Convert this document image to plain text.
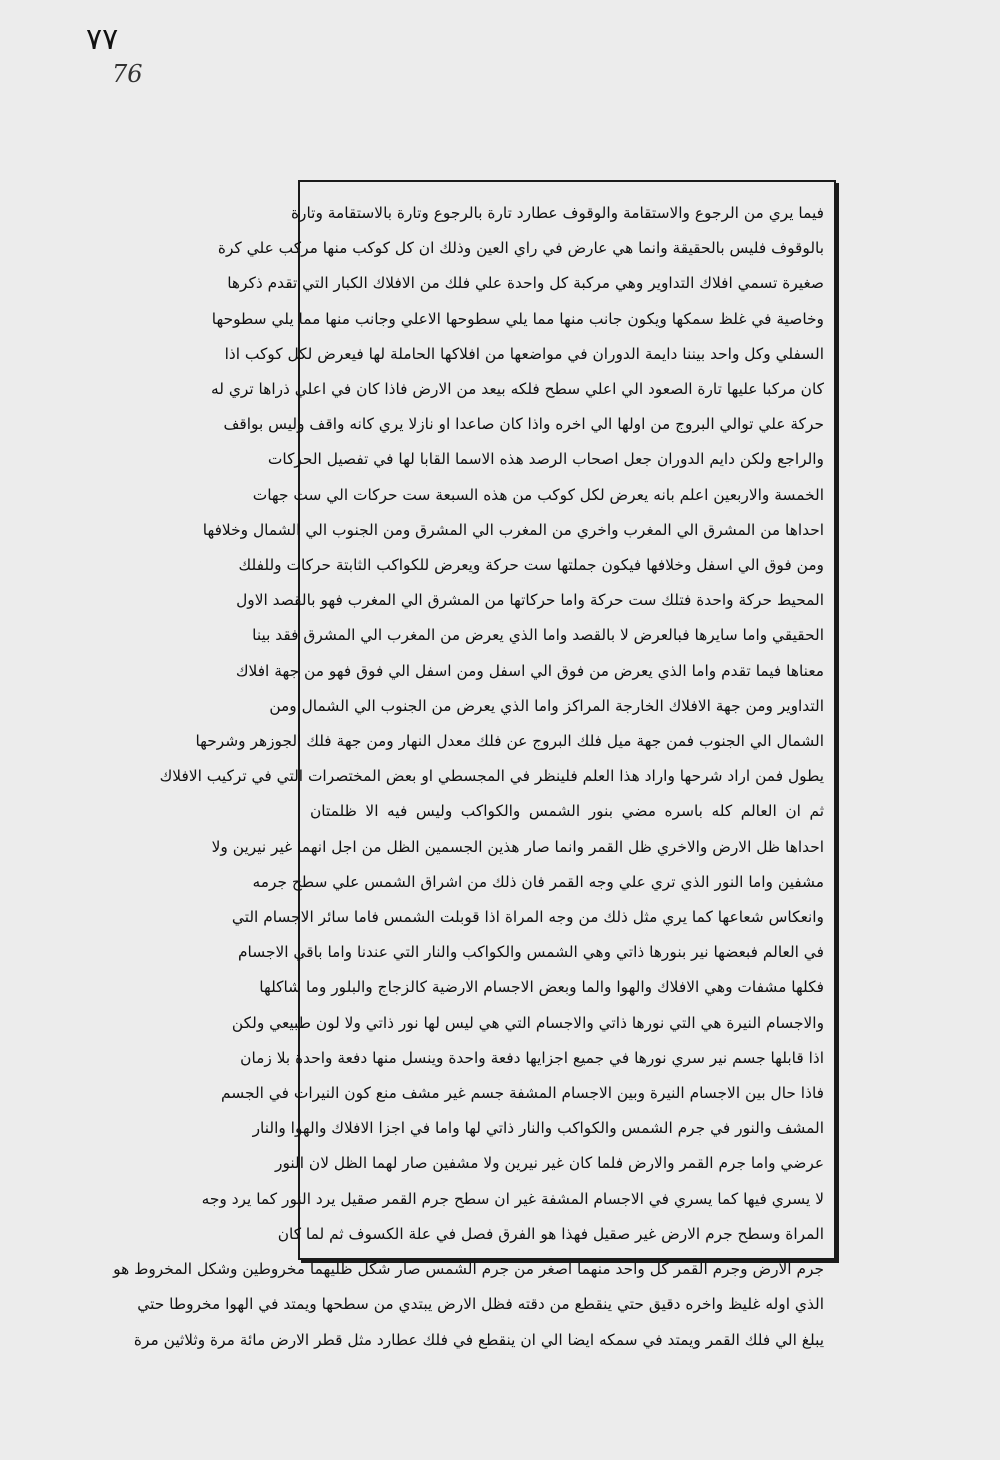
٧٧
76
فيما يري من الرجوع والاستقامة والوقوف عطارد تارة بالرجوع وتارة بالاستقامة وتارة
بالوقوف فليس بالحقيقة وانما هي عارض في راي العين وذلك ان كل كوكب منها مركب علي كرة
صغيرة تسمي افلاك التداوير وهي مركبة كل واحدة علي فلك من الافلاك الكبار التي تقدم ذكرها
وخاصية في غلظ سمكها ويكون جانب منها مما يلي سطوحها الاعلي وجانب منها مما يلي سطوحها
السفلي وكل واحد بيننا دايمة الدوران في مواضعها من افلاكها الحاملة لها فيعرض لكل كوكب اذا
كان مركبا عليها تارة الصعود الي اعلي سطح فلكه بيعد من الارض فاذا كان في اعلي ذراها تري له
حركة علي توالي البروج من اولها الي اخره واذا كان صاعدا او نازلا يري كانه واقف وليس بواقف
والراجع ولكن دايم الدوران جعل اصحاب الرصد هذه الاسما القابا لها في تفصيل الحركات
الخمسة والاربعين اعلم بانه يعرض لكل كوكب من هذه السبعة ست حركات الي ست جهات
احداها من المشرق الي المغرب واخري من المغرب الي المشرق ومن الجنوب الي الشمال وخلافها
ومن فوق الي اسفل وخلافها فيكون جملتها ست حركة ويعرض للكواكب الثابتة حركات وللفلك
المحيط حركة واحدة فتلك ست حركة واما حركاتها من المشرق الي المغرب فهو بالقصد الاول
الحقيقي واما سايرها فبالعرض لا بالقصد واما الذي يعرض من المغرب الي المشرق فقد بينا
معناها فيما تقدم واما الذي يعرض من فوق الي اسفل ومن اسفل الي فوق فهو من جهة افلاك
التداوير ومن جهة الافلاك الخارجة المراكز واما الذي يعرض من الجنوب الي الشمال ومن
الشمال الي الجنوب فمن جهة ميل فلك البروج عن فلك معدل النهار ومن جهة فلك الجوزهر وشرحها
يطول فمن اراد شرحها واراد هذا العلم فلينظر في المجسطي او بعض المختصرات التي في تركيب الافلاك
ثم ان العالم كله باسره مضي بنور الشمس والكواكب وليس فيه الا ظلمتان
احداها ظل الارض والاخري ظل القمر وانما صار هذين الجسمين الظل من اجل انهما غير نيرين ولا
مشفين واما النور الذي تري علي وجه القمر فان ذلك من اشراق الشمس علي سطح جرمه
وانعكاس شعاعها كما يري مثل ذلك من وجه المراة اذا قوبلت الشمس فاما سائر الاجسام التي
في العالم فبعضها نير بنورها ذاتي وهي الشمس والكواكب والنار التي عندنا واما باقي الاجسام
فكلها مشفات وهي الافلاك والهوا والما وبعض الاجسام الارضية كالزجاج والبلور وما شاكلها
والاجسام النيرة هي التي نورها ذاتي والاجسام التي هي ليس لها نور ذاتي ولا لون طبيعي ولكن
اذا قابلها جسم نير سري نورها في جميع اجزايها دفعة واحدة وينسل منها دفعة واحدة بلا زمان
فاذا حال بين الاجسام النيرة وبين الاجسام المشفة جسم غير مشف منع كون النيرات في الجسم
المشف والنور في جرم الشمس والكواكب والنار ذاتي لها واما في اجزا الافلاك والهوا والنار
عرضي واما جرم القمر والارض فلما كان غير نيرين ولا مشفين صار لهما الظل لان النور
لا يسري فيها كما يسري في الاجسام المشفة غير ان سطح جرم القمر صقيل يرد النور كما يرد وجه
المراة وسطح جرم الارض غير صقيل فهذا هو الفرق فصل في علة الكسوف ثم لما كان
جرم الارض وجرم القمر كل واحد منهما اصغر من جرم الشمس صار شكل ظليهما مخروطين وشكل المخروط هو
الذي اوله غليظ واخره دقيق حتي ينقطع من دقته فظل الارض يبتدي من سطحها ويمتد في الهوا مخروطا حتي
يبلغ الي فلك القمر ويمتد في سمكه ايضا الي ان ينقطع في فلك عطارد مثل قطر الارض مائة مرة وثلاثين مرة
